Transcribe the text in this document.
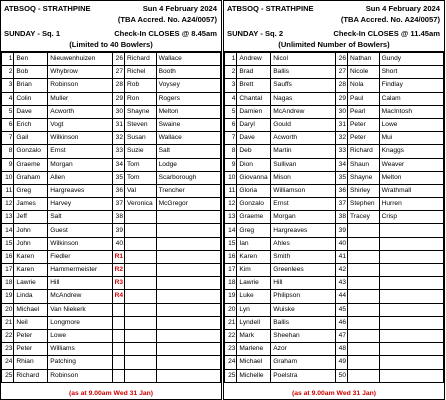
ATBSOQ - STRATHPINE	Sun 4 February 2024
(TBA Accred. No. A24/0057)
SUNDAY - Sq. 1	Check-In CLOSES @ 8.45am
(Limited to 40 Bowlers)
1	Ben	Nieuwenhuizen	26	Richard	Wallace
2	Bob	Whybrow	27	Richel	Booth
3	Brian	Robinson	28	Rob	Voysey
4	Colin	Muller	29	Ron	Rogers
5	Dave	Acworth	30	Shayne	Melton
6	Erich	Vogt	31	Steven	Swaine
7	Gail	Wilkinson	32	Susan	Wallace
8	Gonzalo	Ernst	33	Suzie	Salt
9	Graeme	Morgan	34	Tom	Lodge
10	Graham	Allen	35	Tom	Scarborough
11	Greg	Hargreaves	36	Val	Trencher
12	James	Harvey	37	Veronica	McGregor
13	Jeff	Salt	38		
14	John	Guest	39		
15	John	Wilkinson	40		
16	Karen	Fiedler	R1		
17	Karen	Hammermeister	R2		
18	Lawrie	Hill	R3		
19	Linda	McAndrew	R4		
20	Michael	Van Niekerk			
21	Neil	Longmore			
22	Peter	Lowe			
23	Peter	Williams			
24	Rhian	Patching			
25	Richard	Robinson			
(as at 9.00am Wed 31 Jan)
ATBSOQ - STRATHPINE	Sun 4 February 2024
(TBA Accred. No. A24/0057)
SUNDAY - Sq. 2	Check-In CLOSES @ 11.45am
(Unlimited Number of Bowlers)
1	Andrew	Nicol	26	Nathan	Gundy
2	Brad	Ballis	27	Nicole	Short
3	Brett	Sauffs	28	Nola	Findlay
4	Chantal	Nagas	29	Paul	Calam
5	Damien	McAndrew	30	Pearl	MacIntosh
6	Daryl	Gould	31	Peter	Lowe
7	Dave	Acworth	32	Peter	Mui
8	Deb	Martin	33	Richard	Knaggs
9	Dion	Sullivan	34	Shaun	Weaver
10	Giovanna	Mison	35	Shayne	Melton
11	Gloria	Williamson	36	Shirley	Wrathmall
12	Gonzalo	Ernst	37	Stephen	Hurren
13	Graeme	Morgan	38	Tracey	Crisp
14	Greg	Hargreaves	39		
15	Ian	Ahles	40		
16	Karen	Smith	41		
17	Kim	Greenlees	42		
18	Lawrie	Hill	43		
19	Luke	Philipson	44		
20	Lyn	Wuiske	45		
21	Lyndell	Ballis	46		
22	Mark	Sheehan	47		
23	Marlene	Azor	48		
24	Michael	Graham	49		
25	Michelle	Poelstra	50		
(as at 9.00am Wed 31 Jan)
